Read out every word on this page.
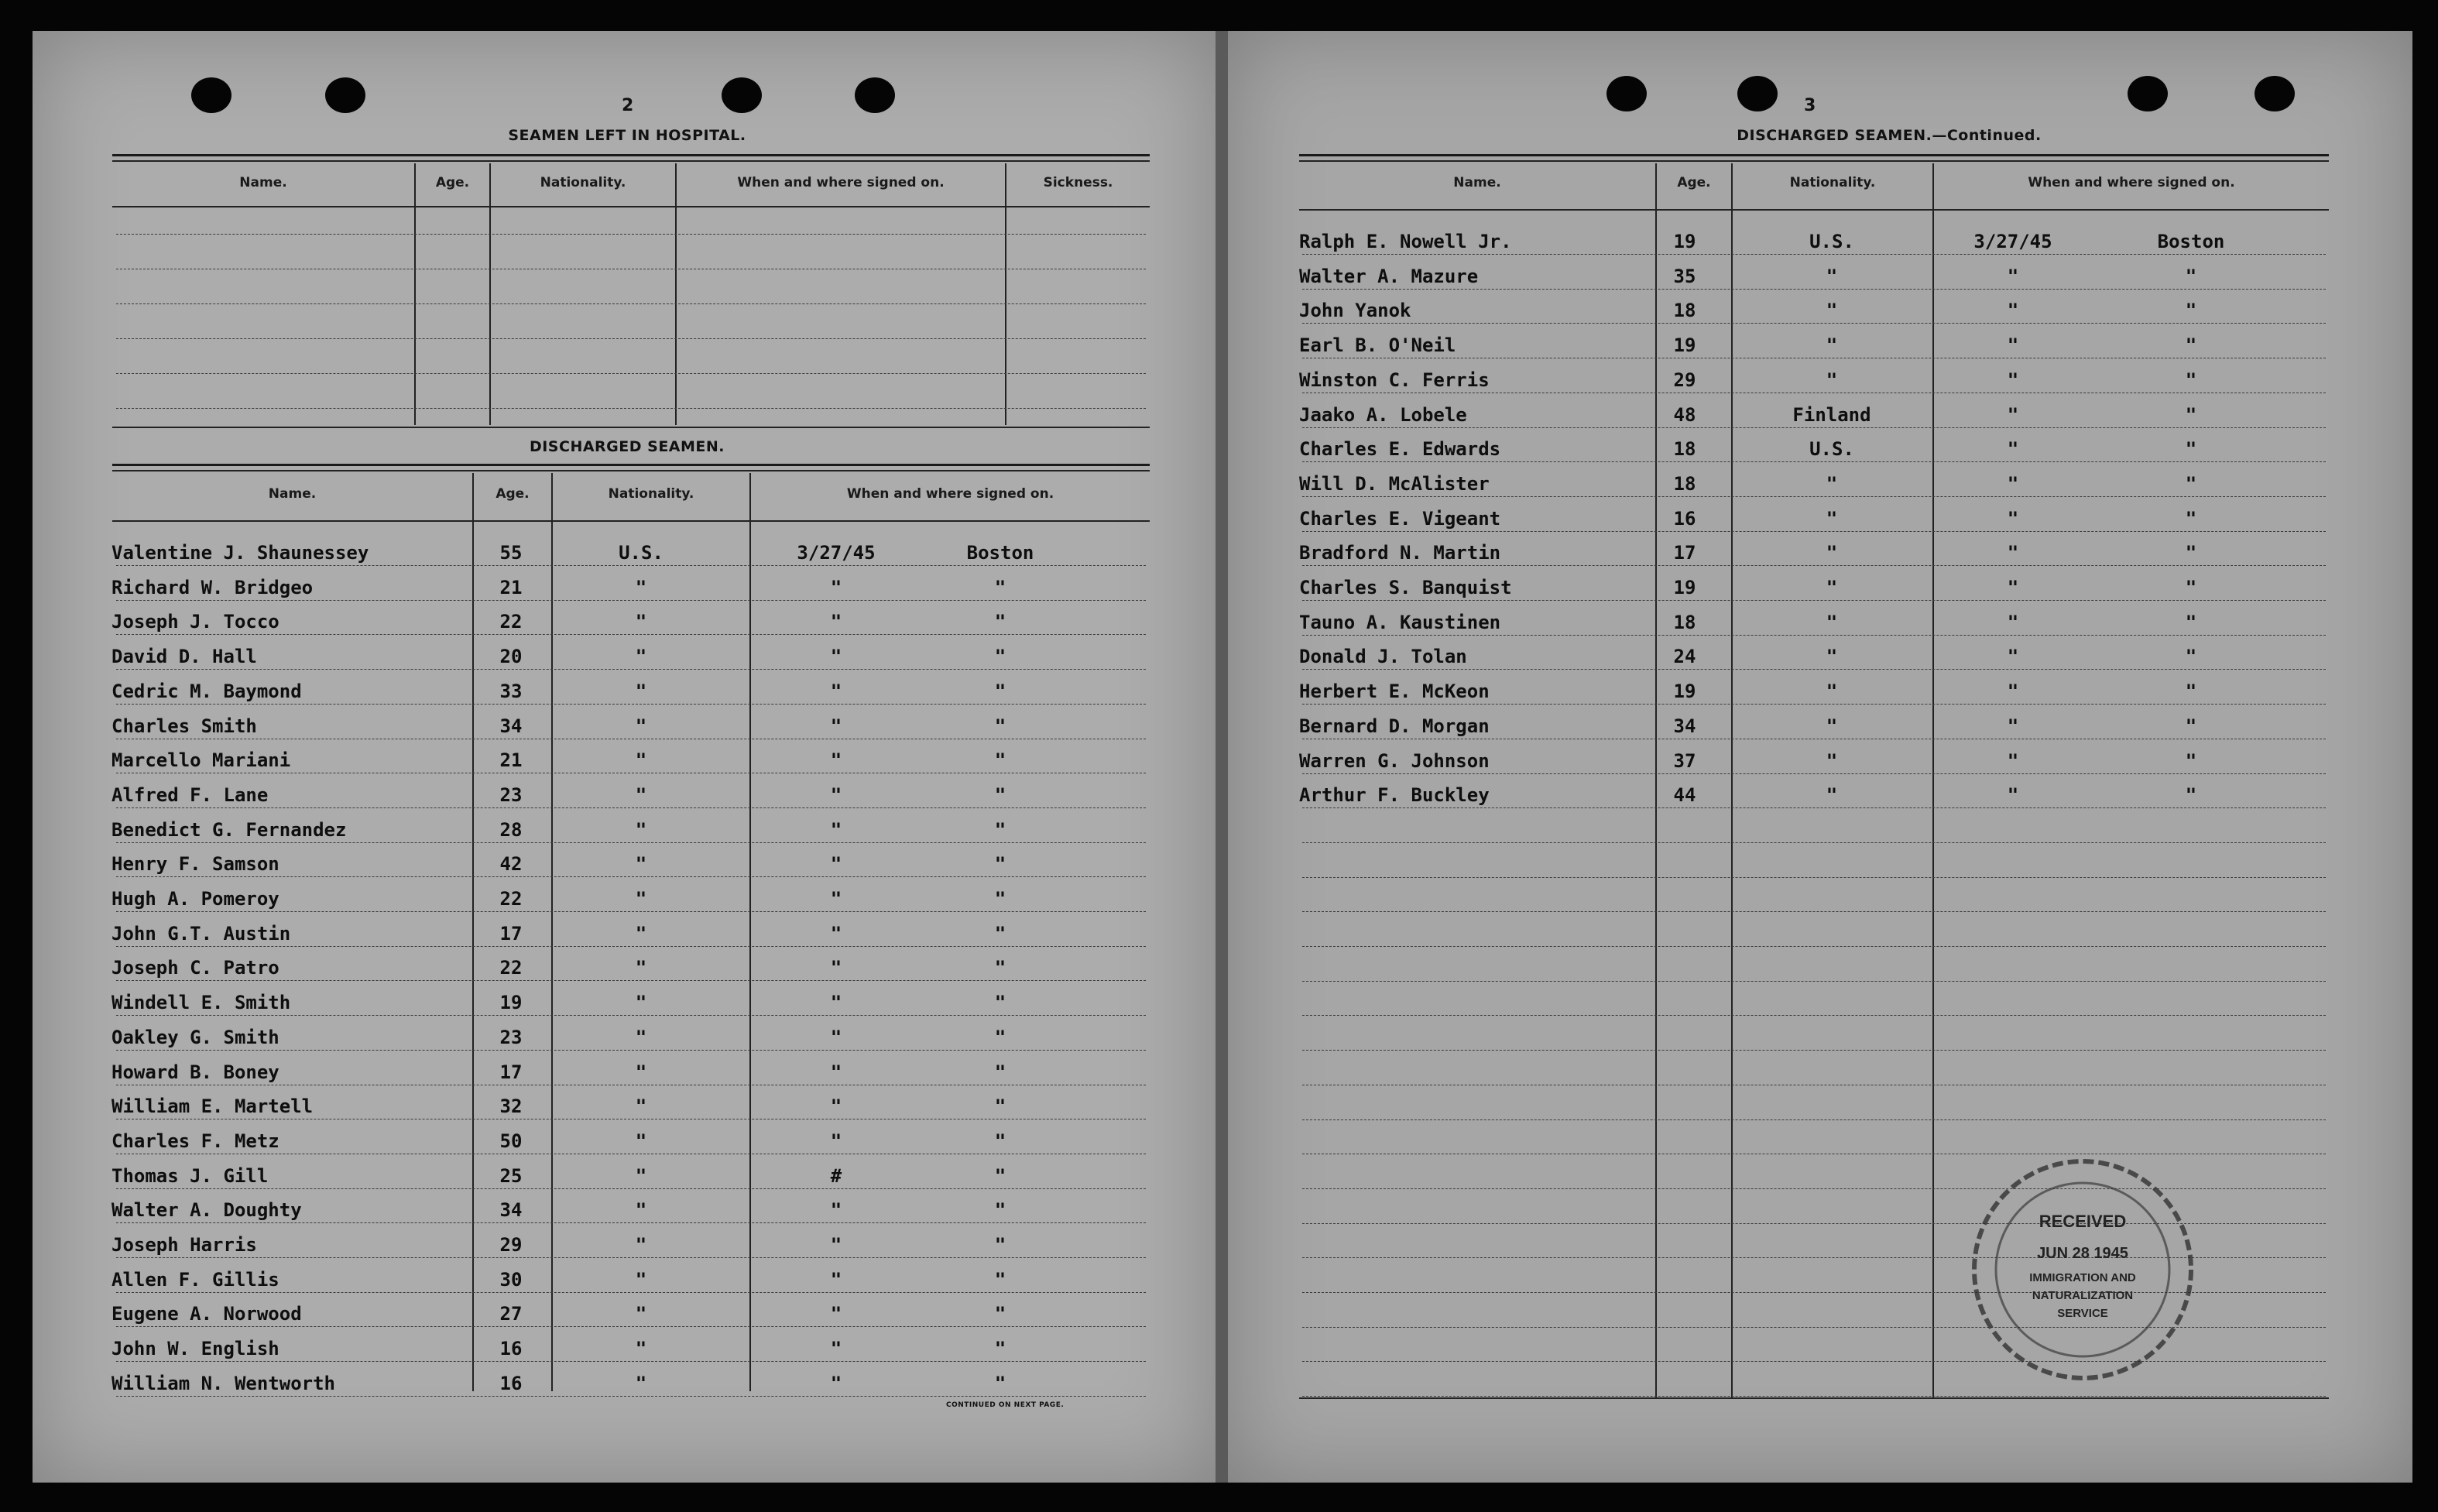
2
SEAMEN LEFT IN HOSPITAL.
Name.	Age.	Nationality.	When and where signed on.	Sickness.
DISCHARGED SEAMEN.
Name.	Age.	Nationality.	When and where signed on.
Valentine J. Shaunessey	55	U.S.	3/27/45	Boston
Richard W. Bridgeo	21	"	"	"
Joseph J. Tocco	22	"	"	"
David D. Hall	20	"	"	"
Cedric M. Baymond	33	"	"	"
Charles Smith	34	"	"	"
Marcello Mariani	21	"	"	"
Alfred F. Lane	23	"	"	"
Benedict G. Fernandez	28	"	"	"
Henry F. Samson	42	"	"	"
Hugh A. Pomeroy	22	"	"	"
John G.T. Austin	17	"	"	"
Joseph C. Patro	22	"	"	"
Windell E. Smith	19	"	"	"
Oakley G. Smith	23	"	"	"
Howard B. Boney	17	"	"	"
William E. Martell	32	"	"	"
Charles F. Metz	50	"	"	"
Thomas J. Gill	25	"	#	"
Walter A. Doughty	34	"	"	"
Joseph Harris	29	"	"	"
Allen F. Gillis	30	"	"	"
Eugene A. Norwood	27	"	"	"
John W. English	16	"	"	"
William N. Wentworth	16	"	"	"
CONTINUED ON NEXT PAGE.
3
DISCHARGED SEAMEN.—Continued.
Name.	Age.	Nationality.	When and where signed on.
Ralph E. Nowell Jr.	19	U.S.	3/27/45	Boston
Walter A. Mazure	35	"	"	"
John Yanok	18	"	"	"
Earl B. O'Neil	19	"	"	"
Winston C. Ferris	29	"	"	"
Jaako A. Lobele	48	Finland	"	"
Charles E. Edwards	18	U.S.	"	"
Will D. McAlister	18	"	"	"
Charles E. Vigeant	16	"	"	"
Bradford N. Martin	17	"	"	"
Charles S. Banquist	19	"	"	"
Tauno A. Kaustinen	18	"	"	"
Donald J. Tolan	24	"	"	"
Herbert E. McKeon	19	"	"	"
Bernard D. Morgan	34	"	"	"
Warren G. Johnson	37	"	"	"
Arthur F. Buckley	44	"	"	"
RECEIVED
JUN 28 1945
IMMIGRATION AND
NATURALIZATION
SERVICE
